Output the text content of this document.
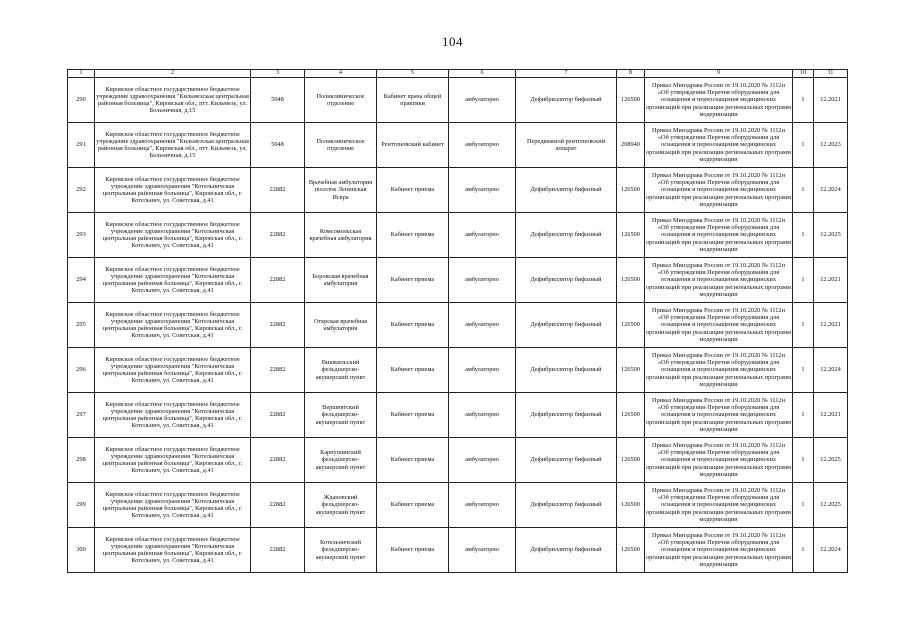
104
1	2	3	4	5	6	7	8	9	10	11
290	Кировское областное государственное бюджетное учреждение здравоохранения "Кильмезская центральная районная больница", Кировская обл., пгт. Кильмезь, ул. Больничная, д.15	5048	Поликлиническое отделение	Кабинет врача общей практики	амбулаторно	Дефибриллятор бифазный	126500	Приказ Минздрава России от 19.10.2020 № 1112н «Об утверждении Перечня оборудования для оснащения и переоснащения медицинских организаций при реализации региональных программ модернизации	1	12.2021
291	Кировское областное государственное бюджетное учреждение здравоохранения "Кильмезская центральная районная больница", Кировская обл., пгт. Кильмезь, ул. Больничная, д.15	5048	Поликлиническое отделение	Рентгеновский кабинет	амбулаторно	Передвижной рентгеновский аппарат	208940	Приказ Минздрава России от 19.10.2020 № 1112н «Об утверждении Перечня оборудования для оснащения и переоснащения медицинских организаций при реализации региональных программ модернизации	1	12.2023
292	Кировское областное государственное бюджетное учреждение здравоохранения "Котельничская центральная районная больница", Кировская обл., г. Котельнич, ул. Советская, д.41	22882	Врачебная амбулатория поселок Ленинская Искра	Кабинет приема	амбулаторно	Дефибриллятор бифазный	126500	Приказ Минздрава России от 19.10.2020 № 1112н «Об утверждении Перечня оборудования для оснащения и переоснащения медицинских организаций при реализации региональных программ модернизации	1	12.2024
293	Кировское областное государственное бюджетное учреждение здравоохранения "Котельничская центральная районная больница", Кировская обл., г. Котельнич, ул. Советская, д.41	22882	Комсомольская врачебная амбулатория	Кабинет приема	амбулаторно	Дефибриллятор бифазный	126500	Приказ Минздрава России от 19.10.2020 № 1112н «Об утверждении Перечня оборудования для оснащения и переоснащения медицинских организаций при реализации региональных программ модернизации	1	12.2025
294	Кировское областное государственное бюджетное учреждение здравоохранения "Котельничская центральная районная больница", Кировская обл., г. Котельнич, ул. Советская, д.41	22882	Боровская врачебная амбулатория	Кабинет приема	амбулаторно	Дефибриллятор бифазный	126500	Приказ Минздрава России от 19.10.2020 № 1112н «Об утверждении Перечня оборудования для оснащения и переоснащения медицинских организаций при реализации региональных программ модернизации	1	12.2021
295	Кировское областное государственное бюджетное учреждение здравоохранения "Котельничская центральная районная больница", Кировская обл., г. Котельнич, ул. Советская, д.41	22882	Открская врачебная амбулатория	Кабинет приема	амбулаторно	Дефибриллятор бифазный	126500	Приказ Минздрава России от 19.10.2020 № 1112н «Об утверждении Перечня оборудования для оснащения и переоснащения медицинских организаций при реализации региональных программ модернизации	1	12.2021
296	Кировское областное государственное бюджетное учреждение здравоохранения "Котельничская центральная районная больница", Кировская обл., г. Котельнич, ул. Советская, д.41	22882	Вишкильский фельдшерско-акушерский пункт	Кабинет приема	амбулаторно	Дефибриллятор бифазный	126500	Приказ Минздрава России от 19.10.2020 № 1112н «Об утверждении Перечня оборудования для оснащения и переоснащения медицинских организаций при реализации региональных программ модернизации	1	12.2024
297	Кировское областное государственное бюджетное учреждение здравоохранения "Котельничская центральная районная больница", Кировская обл., г. Котельнич, ул. Советская, д.41	22882	Вершнятский фельдшерско-акушерский пункт	Кабинет приема	амбулаторно	Дефибриллятор бифазный	126500	Приказ Минздрава России от 19.10.2020 № 1112н «Об утверждении Перечня оборудования для оснащения и переоснащения медицинских организаций при реализации региональных программ модернизации	1	12.2021
298	Кировское областное государственное бюджетное учреждение здравоохранения "Котельничская центральная районная больница", Кировская обл., г. Котельнич, ул. Советская, д.41	22882	Карпушинский фельдшерско-акушерский пункт	Кабинет приема	амбулаторно	Дефибриллятор бифазный	126500	Приказ Минздрава России от 19.10.2020 № 1112н «Об утверждении Перечня оборудования для оснащения и переоснащения медицинских организаций при реализации региональных программ модернизации	1	12.2025
299	Кировское областное государственное бюджетное учреждение здравоохранения "Котельничская центральная районная больница", Кировская обл., г. Котельнич, ул. Советская, д.41	22882	Ждановский фельдшерско-акушерский пункт	Кабинет приема	амбулаторно	Дефибриллятор бифазный	126500	Приказ Минздрава России от 19.10.2020 № 1112н «Об утверждении Перечня оборудования для оснащения и переоснащения медицинских организаций при реализации региональных программ модернизации	1	12.2025
300	Кировское областное государственное бюджетное учреждение здравоохранения "Котельничская центральная районная больница", Кировская обл., г. Котельнич, ул. Советская, д.41	22882	Котельничский фельдшерско-акушерский пункт	Кабинет приема	амбулаторно	Дефибриллятор бифазный	126500	Приказ Минздрава России от 19.10.2020 № 1112н «Об утверждении Перечня оборудования для оснащения и переоснащения медицинских организаций при реализации региональных программ модернизации	1	12.2024
